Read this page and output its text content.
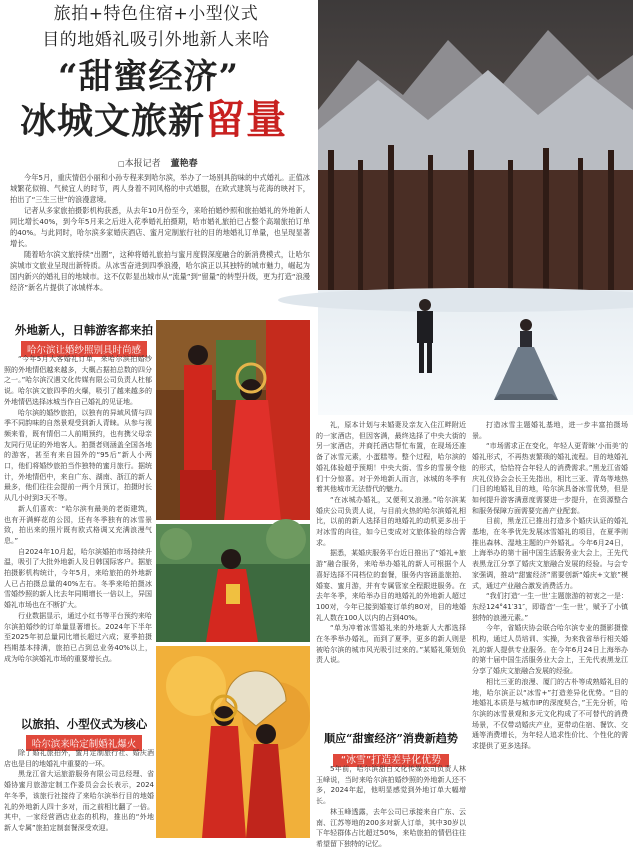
旅拍+特色住宿+小型仪式
目的地婚礼吸引外地新人来哈
“甜蜜经济”
冰城文旅新留量
□本报记者 董艳春

今年5月，重庆情侣小丽和小孙专程来到哈尔滨，举办了一场别具韵味的中式婚礼。正值冰城繁花似锦、气候宜人的时节，两人身着不同风格的中式婚服，在欧式建筑与花海的映衬下，拍出了“三生三世”的浪漫意境。

记者从多家旅拍摄影机构获悉，从去年10月份至今，来哈拍婚纱照和旅拍婚礼的外地新人同比增长40%，到今年5月来之后进入花季婚礼拍摄期，哈市婚礼旅拍已占整个高端旅拍订单的40%。与此同时，哈尔滨多家婚庆酒店、蜜月定制旅行社的目的地婚礼订单量，也呈现显著增长。

随着哈尔滨文旅持续“出圈”，这种将婚礼旅拍与蜜月度假深度融合的新消费模式，让哈尔滨城市文旅业呈现出新特质。从冰雪奋进到四季浪漫，哈尔滨正以其独特的城市魅力，崛起为国内新兴的婚礼目的地城市。这不仅彰显出城市从“流量”到“留量”的转型升级，更为打造“浪漫经济”新名片提供了冰城样本。

外地新人，日韩游客都来拍
哈尔滨让婚纱照别具时尚感

“今年5月大客婚礼订单，来哈尔滨拍婚纱照的外地情侣越来越多，大概占据拍总数的四分之一。”哈尔滨汉遇文化传媒有限公司负责人杜郁说。哈尔滨文旅四季的火爆，吸引了越来越多的外地情侣选择冰城当作自己婚礼的见证地。

哈尔滨的婚纱旅拍，以独有的异域风情与四季不同韵味的自然景观受到新人青睐。从参与视频来看，既有情侣二人前期预约，也有携父母亲友同行见证的外地客人。拍摄者则涵盖全国各地的游客，甚至有来自国外的“95后”新人小两口，他们将婚纱旅拍当作独特的蜜月旅行。据统计，外地情侣中，来自广东、湖南、浙江的新人最多，他们往往会提前一两个月预订，拍摄时长从几小时到3天不等。

新人们喜欢：“哈尔滨有最美的老街建筑，也有开满鲜花的公园，还有冬季独有的冰雪景致，拍出来的照片既有欧式格调又充满浪漫气息。”

自2024年10月起，哈尔滨婚拍市场持续升温，吸引了大批外地新人及日韩国际客户。据旅拍摄影机构统计，今年5月，来哈旅拍的外地新人已占拍摄总量的40%左右。冬季来哈拍摄冰雪婚纱照的新人比去年同期增长一倍以上，异国婚礼市场也在不断扩大。

行业数据显示，通过小红书等平台预约来哈尔滨拍婚纱的订单量显著增长。2024年下半年至2025年初总量同比增长超过六成；夏季拍摄档期基本排满，旅拍已占到总业务40%以上，成为哈尔滨婚礼市场的重要增长点。

以旅拍、小型仪式为核心
哈尔滨来哈定制婚礼爆火

除了婚礼旅拍外，蜜月定制旅行社、婚庆酒店也是目的地婚礼中重要的一环。

黑龙江省大运旅游服务有限公司总经理、省婚协蜜月旅游定制工作委员会会长表示，2024年冬季，该旅行社接待了来哈尔滨举行目的地婚礼的外地新人四十多对，而之前相比翻了一倍。其中，一家经营酒店业态的机构，推出的“外地新人专属”旅拍定制套餐深受欢迎。

礼，原本计划与未婚妻及亲友入住江畔附近的一家酒店，但因客满，最终选择了中央大街的另一家酒店，并商托酒店帮忙布置，在现场还准备了冰雪元素，小蛋糕等。整个过程，哈尔滨的婚礼体验超乎预期！中央大街、雪乡的雪景令他们十分惊喜。对于外地新人而言，冰城的冬季有着其他城市无法替代的魅力。

“在冰城办婚礼，又便利又浪漫。”哈尔滨某婚庆公司负责人说，与目前火热的哈尔滨婚礼相比，以前的新人选择目的地婚礼的动机更多出于对冰雪的向往，如今已变成对文旅体验的综合需求。

据悉，某婚庆服务平台近日推出了“婚礼+旅游”融合服务，来哈举办婚礼的新人可根据个人喜好选择不同档位的套餐，服务内容涵盖旅拍、婚宴、蜜月游，并有专属管家全程跟进服务。在去年冬季，来哈举办目的地婚礼的外地新人超过100对，今年已接到婚宴订单约80对，目的地婚礼人数在100人以内的占到40%。

“单为冲着冰雪婚礼来的外地新人大都选择在冬季举办婚礼，而到了夏季，更多的新人则是被哈尔滨的城市风光吸引过来的。”某婚礼策划负责人说。

顺应“甜蜜经济”消费新趋势
“冰雪”打造差异化优势

5年前，哈尔滨甜白文化传媒公司负责人林玉峰说，当时来哈尔滨拍婚纱照的外地新人还不多，2024年起，他明显感觉到外地订单大幅增长。

林玉峰透露，去年公司已承接来自广东、云南、江苏等地的200多对新人订单，其中30岁以下年轻群体占比超过50%，来哈旅拍的情侣往往希望留下独特的记忆。

打造冰雪主题婚礼基地，进一步丰富拍摄场景。

“市场需求正在变化，年轻人更青睐‘小而美’的婚礼形式，不再热衷繁琐的婚礼流程。目的地婚礼的形式，恰恰符合年轻人的消费需求。”黑龙江省婚庆礼仪协会会长王先指出，相比三亚、青岛等地热门目的地婚礼目的地，哈尔滨具备冰雪优势，但是如何提升游客满意度需要进一步提升，在资源整合和服务保障方面需要完善产业配套。

目前，黑龙江已推出打造多个婚庆认证的婚礼基地，在冬季优先发展冰雪婚礼的项目，在夏季则推出森林、湿地主题的户外婚礼。今年6月24日，上海举办的第十届中国生活服务业大会上，王先代表黑龙江分享了婚庆文旅融合发展的经验。与会专家强调，推动“甜蜜经济”需要创新“婚庆+文旅”模式，通过产业融合激发消费活力。

“我们打造‘一生一世’主题旅游的初衷之一是：东经124°41′31″，即谐音‘一生一世’，赋予了小镇独特的浪漫元素。”

今年，省婚庆协会联合哈尔滨专业的摄影摄像机构，通过人员培训、实操，为来我省举行相关婚礼的新人提供专业服务。在今年6月24日上海举办的第十届中国生活服务业大会上，王先代表黑龙江分享了婚庆文旅融合发展的经验。

相比三亚的浪漫、厦门的古朴等成熟婚礼目的地，哈尔滨正以“冰雪+”打造差异化优势。“目的地婚礼本质是与城市IP的深度契合，”王先分析，哈尔滨的冰雪景观和多元文化构成了不可替代的消费场景，不仅带动婚庆产业，更带动住宿、餐饮、交通等消费增长，为年轻人追求性价比、个性化的需求提供了更多选择。
